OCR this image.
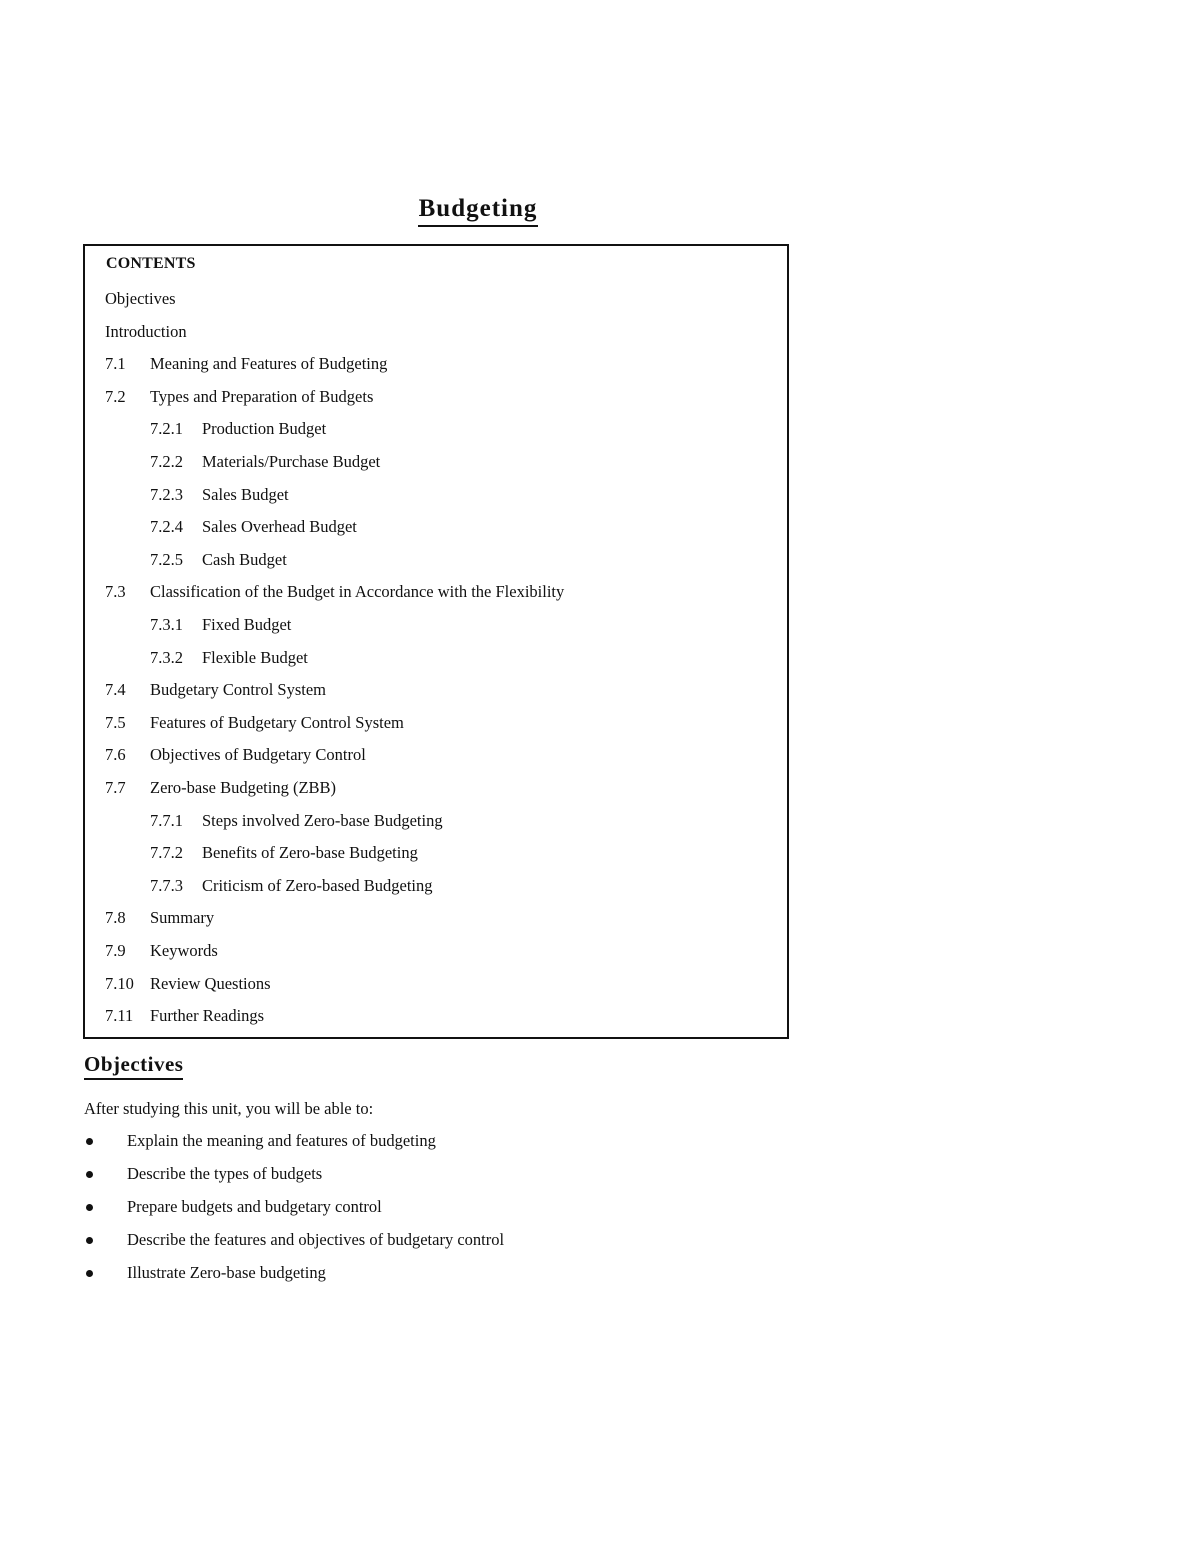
Budgeting
CONTENTS
Objectives
Introduction
7.1 Meaning and Features of Budgeting
7.2 Types and Preparation of Budgets
7.2.1 Production Budget
7.2.2 Materials/Purchase Budget
7.2.3 Sales Budget
7.2.4 Sales Overhead Budget
7.2.5 Cash Budget
7.3 Classification of the Budget in Accordance with the Flexibility
7.3.1 Fixed Budget
7.3.2 Flexible Budget
7.4 Budgetary Control System
7.5 Features of Budgetary Control System
7.6 Objectives of Budgetary Control
7.7 Zero-base Budgeting (ZBB)
7.7.1 Steps involved Zero-base Budgeting
7.7.2 Benefits of Zero-base Budgeting
7.7.3 Criticism of Zero-based Budgeting
7.8 Summary
7.9 Keywords
7.10 Review Questions
7.11 Further Readings
Objectives
After studying this unit, you will be able to:
Explain the meaning and features of budgeting
Describe the types of budgets
Prepare budgets and budgetary control
Describe the features and objectives of budgetary control
Illustrate Zero-base budgeting
